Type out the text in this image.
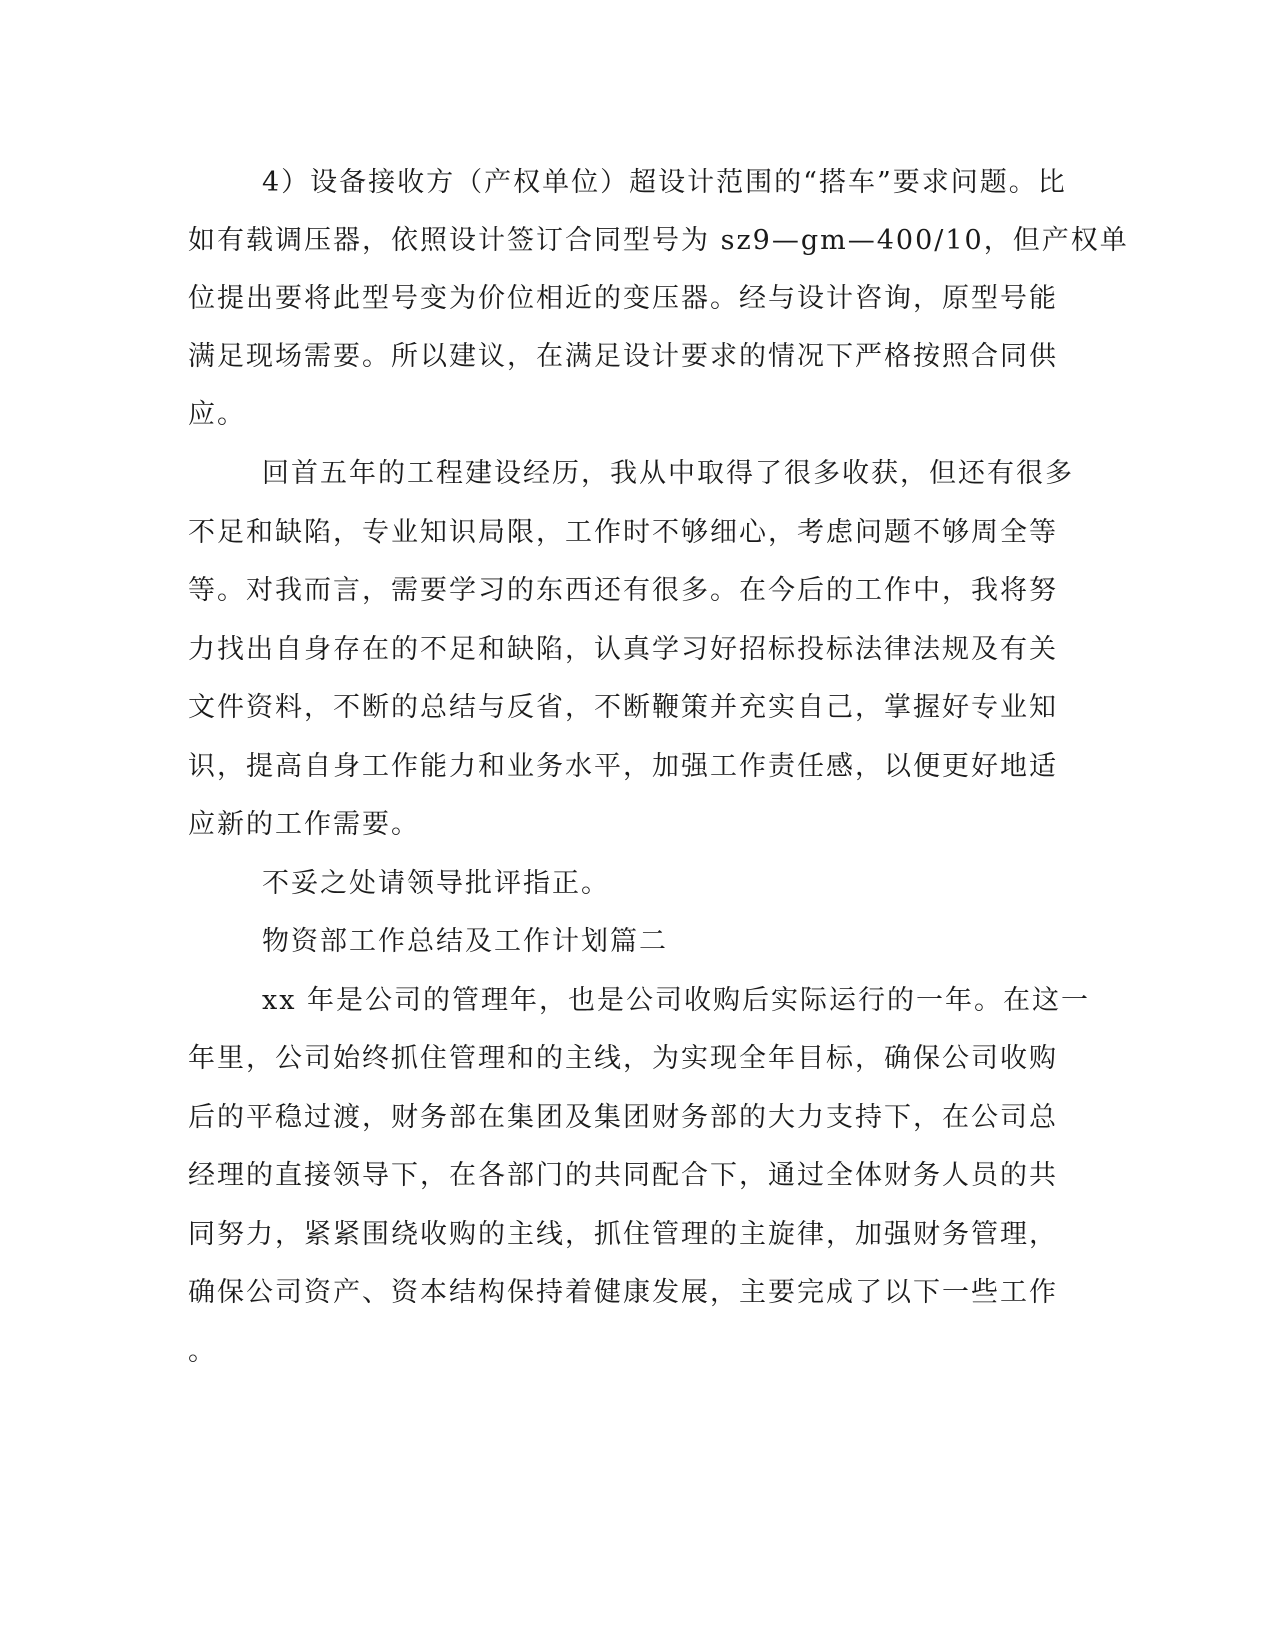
4）设备接收方（产权单位）超设计范围的“搭车”要求问题。比
如有载调压器，依照设计签订合同型号为 sz9—gm—400/10，但产权单
位提出要将此型号变为价位相近的变压器。经与设计咨询，原型号能
满足现场需要。所以建议，在满足设计要求的情况下严格按照合同供
应。
回首五年的工程建设经历，我从中取得了很多收获，但还有很多
不足和缺陷，专业知识局限，工作时不够细心，考虑问题不够周全等
等。对我而言，需要学习的东西还有很多。在今后的工作中，我将努
力找出自身存在的不足和缺陷，认真学习好招标投标法律法规及有关
文件资料，不断的总结与反省，不断鞭策并充实自己，掌握好专业知
识，提高自身工作能力和业务水平，加强工作责任感，以便更好地适
应新的工作需要。
不妥之处请领导批评指正。
物资部工作总结及工作计划篇二
xx 年是公司的管理年，也是公司收购后实际运行的一年。在这一
年里，公司始终抓住管理和的主线，为实现全年目标，确保公司收购
后的平稳过渡，财务部在集团及集团财务部的大力支持下，在公司总
经理的直接领导下，在各部门的共同配合下，通过全体财务人员的共
同努力，紧紧围绕收购的主线，抓住管理的主旋律，加强财务管理，
确保公司资产、资本结构保持着健康发展，主要完成了以下一些工作
。
